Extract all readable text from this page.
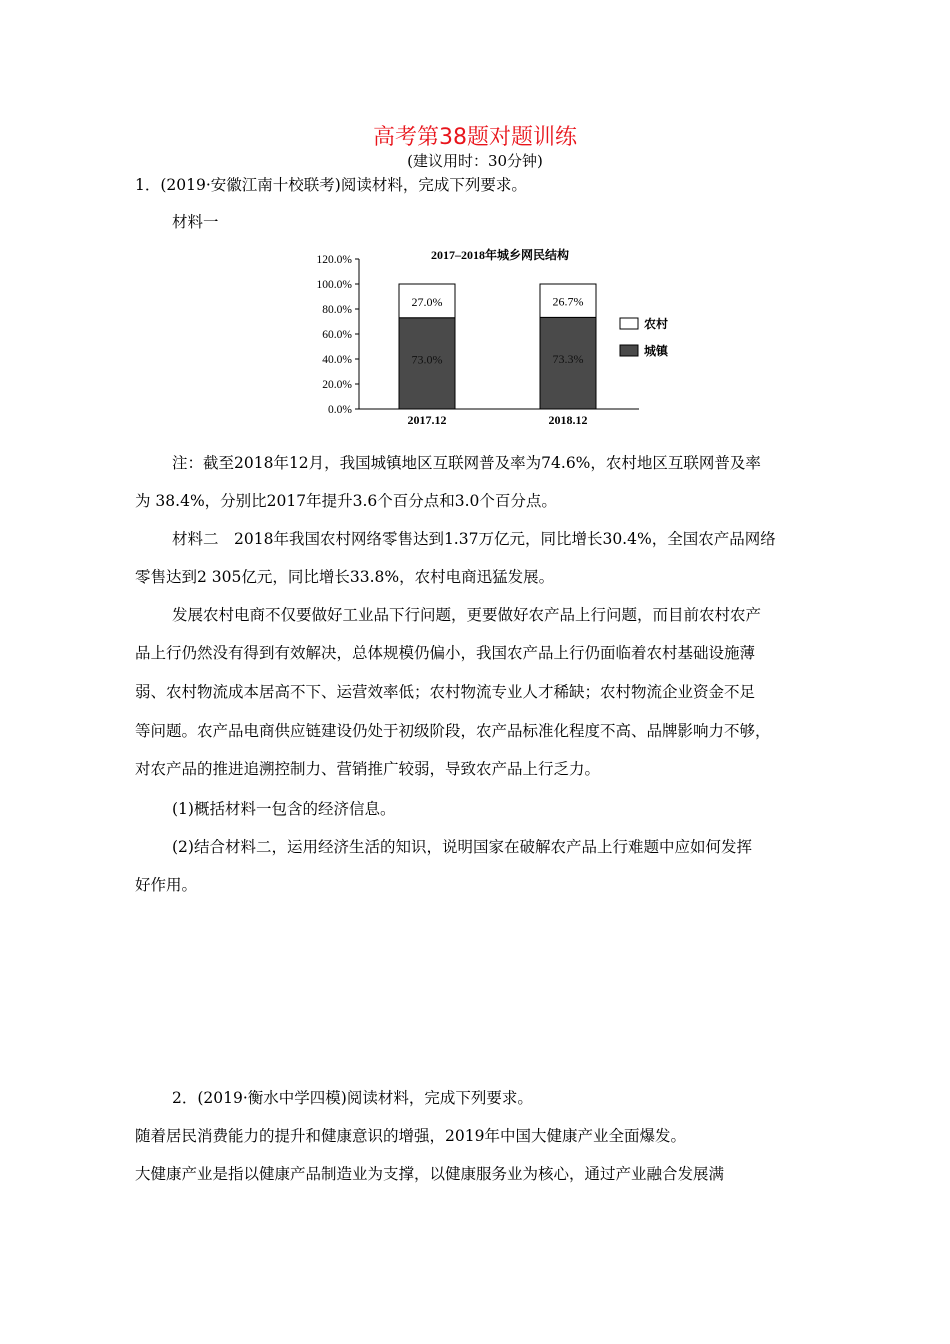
高考第38题对题训练
(建议用时：30分钟)
1．(2019·安徽江南十校联考)阅读材料，完成下列要求。
材料一
2017–2018年城乡网民结构
0.0%
20.0%
40.0%
60.0%
80.0%
100.0%
120.0%
73.0%
27.0%
73.3%
26.7%
2017.12	2018.12
农村
城镇
注：截至2018年12月，我国城镇地区互联网普及率为74.6%，农村地区互联网普及率
为 38.4%，分别比2017年提升3.6个百分点和3.0个百分点。
材料二　2018年我国农村网络零售达到1.37万亿元，同比增长30.4%，全国农产品网络
零售达到2 305亿元，同比增长33.8%，农村电商迅猛发展。
发展农村电商不仅要做好工业品下行问题，更要做好农产品上行问题，而目前农村农产
品上行仍然没有得到有效解决，总体规模仍偏小，我国农产品上行仍面临着农村基础设施薄
弱、农村物流成本居高不下、运营效率低；农村物流专业人才稀缺；农村物流企业资金不足
等问题。农产品电商供应链建设仍处于初级阶段，农产品标准化程度不高、品牌影响力不够，
对农产品的推进追溯控制力、营销推广较弱，导致农产品上行乏力。
(1)概括材料一包含的经济信息。
(2)结合材料二，运用经济生活的知识，说明国家在破解农产品上行难题中应如何发挥
好作用。
2．(2019·衡水中学四模)阅读材料，完成下列要求。
随着居民消费能力的提升和健康意识的增强，2019年中国大健康产业全面爆发。
大健康产业是指以健康产品制造业为支撑，以健康服务业为核心，通过产业融合发展满
